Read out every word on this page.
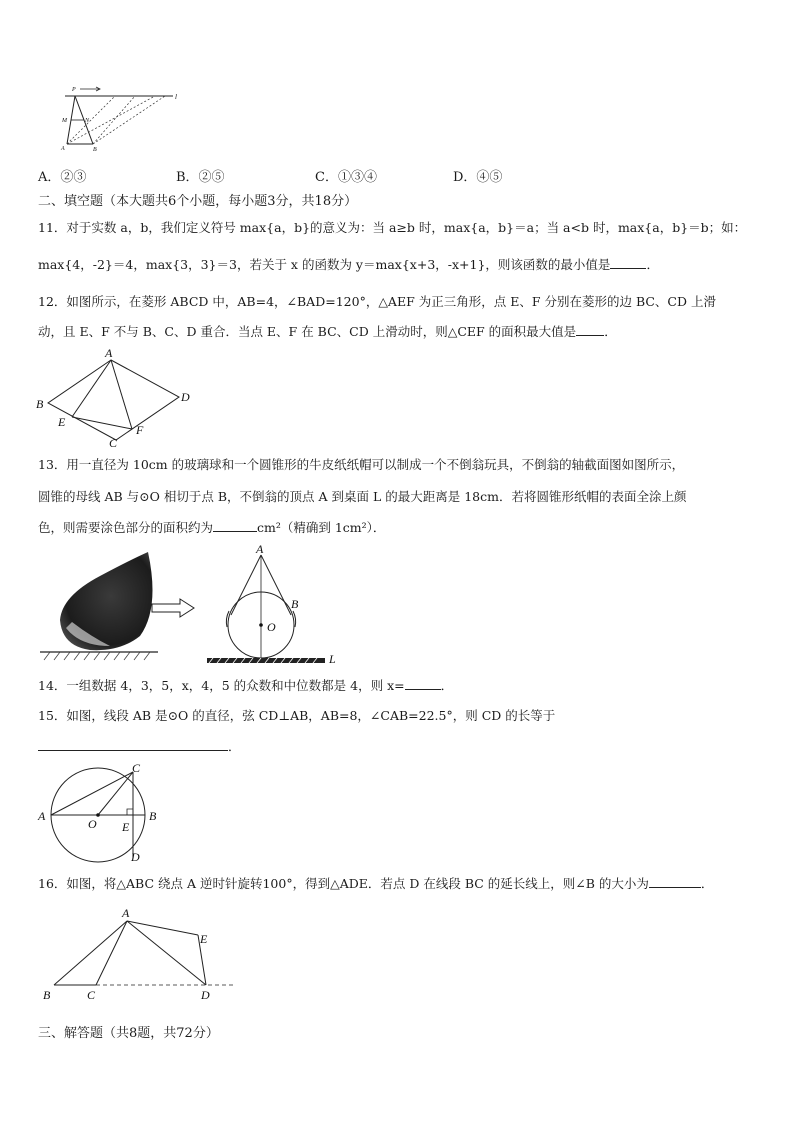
P
l
M	N
A	B
A．②③	B．②⑤	C．①③④	D．④⑤
二、填空题（本大题共6个小题，每小题3分，共18分）
11．对于实数 a，b，我们定义符号 max{a，b}的意义为：当 a≥b 时，max{a，b}＝a；当 a<b 时，max{a，b}＝b；如：
max{4，-2}＝4，max{3，3}＝3，若关于 x 的函数为 y＝max{x+3，-x+1}，则该函数的最小值是	．
12．如图所示，在菱形 ABCD 中，AB=4，∠BAD=120°，△AEF 为正三角形，点 E、F 分别在菱形的边 BC、CD 上滑
动，且 E、F 不与 B、C、D 重合．当点 E、F 在 BC、CD 上滑动时，则△CEF 的面积最大值是 ．
A
B
C
D
E
F
13．用一直径为 10cm 的玻璃球和一个圆锥形的牛皮纸纸帽可以制成一个不倒翁玩具，不倒翁的轴截面图如图所示，
圆锥的母线 AB 与⊙O 相切于点 B，不倒翁的顶点 A 到桌面 L 的最大距离是 18cm．若将圆锥形纸帽的表面全涂上颜
色，则需要涂色部分的面积约为	cm²（精确到 1cm²）．
A
B
O
L
14．一组数据 4，3，5，x，4，5 的众数和中位数都是 4，则 x=	．
15．如图，线段 AB 是⊙O 的直径，弦 CD⊥AB，AB=8，∠CAB=22.5°，则 CD 的长等于
．
A	B
C
D
E
O
16．如图，将△ABC 绕点 A 逆时针旋转100°，得到△ADE．若点 D 在线段 BC 的延长线上，则∠B 的大小为	．
A
B	C	D
E
三、解答题（共8题，共72分）
